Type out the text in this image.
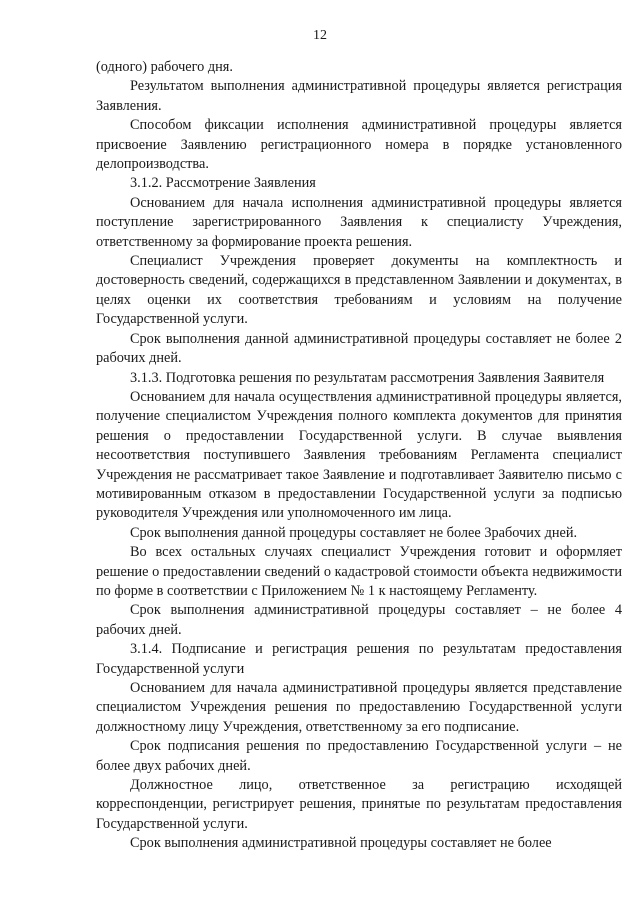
12

(одного) рабочего дня.

Результатом выполнения административной процедуры является регистрация Заявления.

Способом фиксации исполнения административной процедуры является присвоение Заявлению регистрационного номера в порядке установленного делопроизводства.

3.1.2. Рассмотрение Заявления

Основанием для начала исполнения административной процедуры является поступление зарегистрированного Заявления к специалисту Учреждения, ответственному за формирование проекта решения.

Специалист Учреждения проверяет документы на комплектность и достоверность сведений, содержащихся в представленном Заявлении и документах, в целях оценки их соответствия требованиям и условиям на получение Государственной услуги.

Срок выполнения данной административной процедуры составляет не более 2 рабочих дней.

3.1.3. Подготовка решения по результатам рассмотрения Заявления Заявителя

Основанием для начала осуществления административной процедуры является, получение специалистом Учреждения полного комплекта документов для принятия решения о предоставлении Государственной услуги. В случае выявления несоответствия поступившего Заявления требованиям Регламента специалист Учреждения не рассматривает такое Заявление и подготавливает Заявителю письмо с мотивированным отказом в предоставлении Государственной услуги за подписью руководителя Учреждения или уполномоченного им лица.

Срок выполнения данной процедуры составляет не более 3рабочих дней.

Во всех остальных случаях специалист Учреждения готовит и оформляет решение о предоставлении сведений о кадастровой стоимости объекта недвижимости по форме в соответствии с Приложением № 1 к настоящему Регламенту.

Срок выполнения административной процедуры составляет – не более 4 рабочих дней.

3.1.4. Подписание и регистрация решения по результатам предоставления Государственной услуги

Основанием для начала административной процедуры является представление специалистом Учреждения решения по предоставлению Государственной услуги должностному лицу Учреждения, ответственному за его подписание.

Срок подписания решения по предоставлению Государственной услуги – не более двух рабочих дней.

Должностное лицо, ответственное за регистрацию исходящей корреспонденции, регистрирует решения, принятые по результатам предоставления Государственной услуги.

Срок выполнения административной процедуры составляет не более
